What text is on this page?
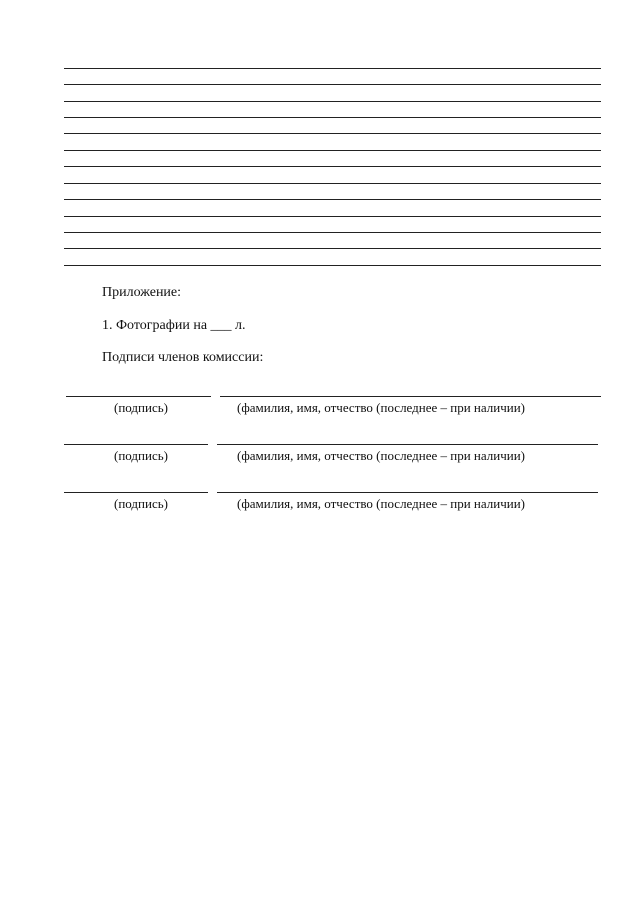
Приложение:
1. Фотографии на ___ л.
Подписи членов комиссии:
(подпись)	(фамилия, имя, отчество (последнее – при наличии)
(подпись)	(фамилия, имя, отчество (последнее – при наличии)
(подпись)	(фамилия, имя, отчество (последнее – при наличии)
